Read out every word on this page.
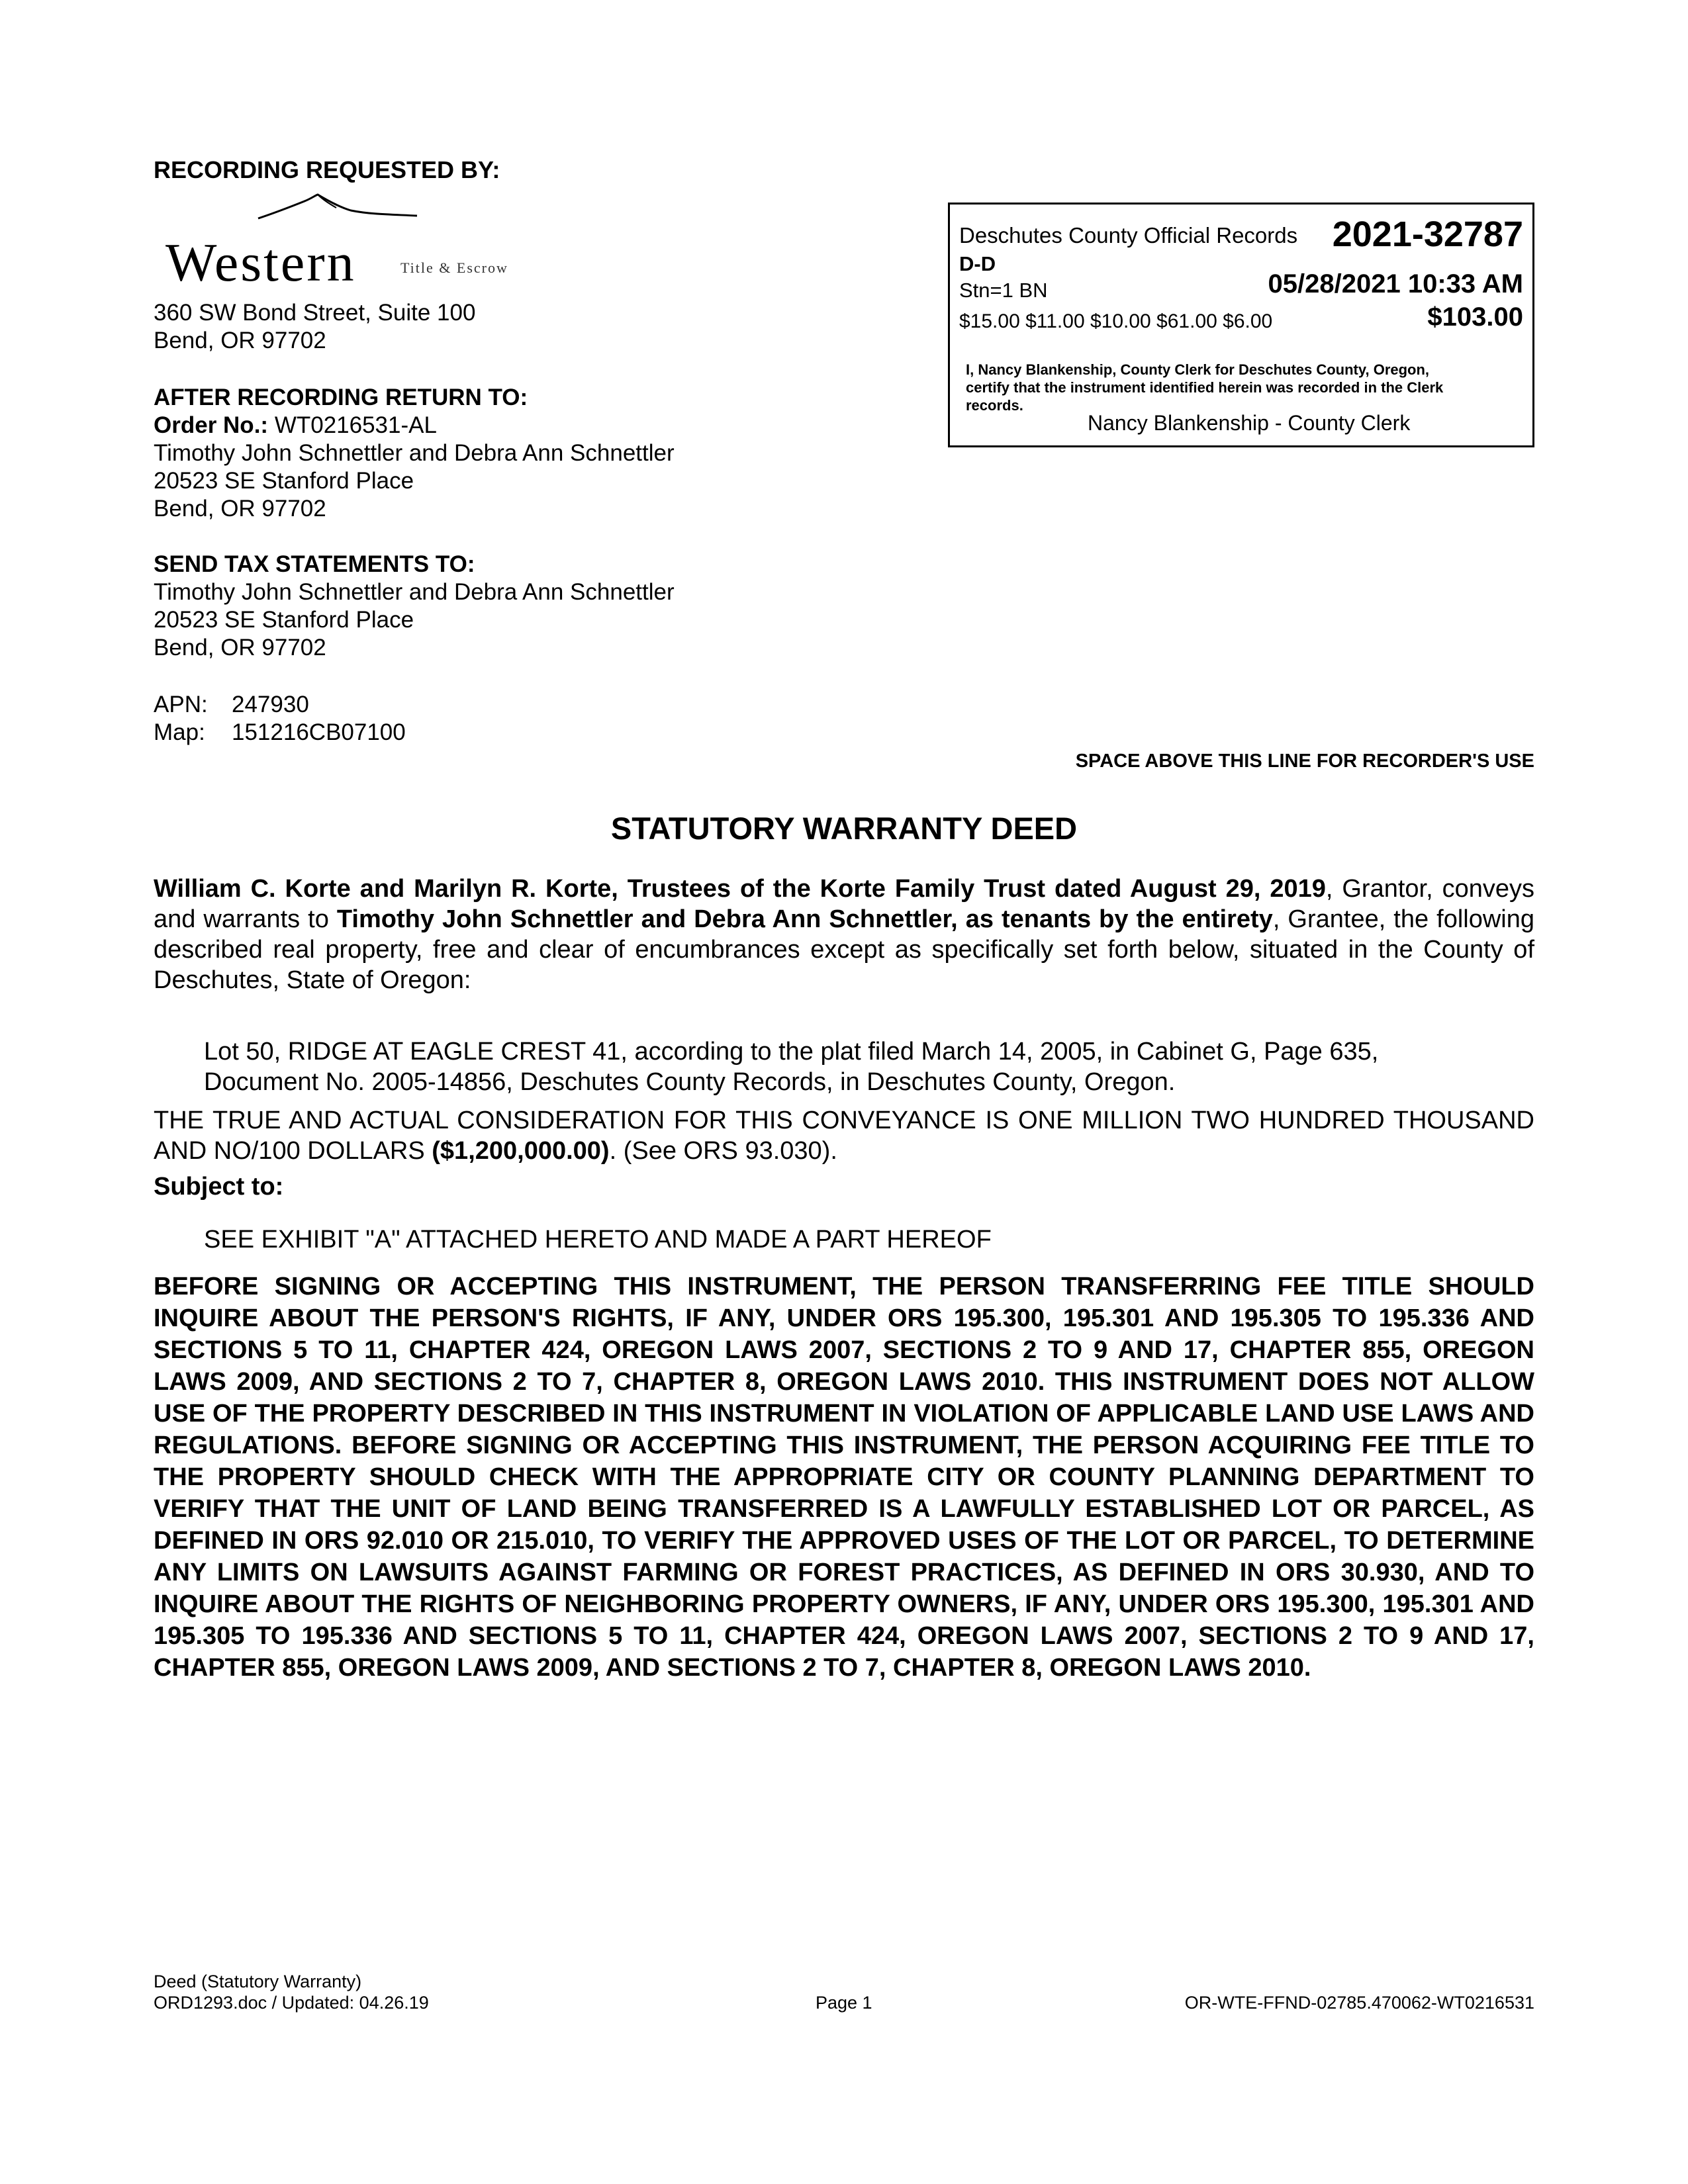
RECORDING REQUESTED BY:
Western	Title & Escrow
360 SW Bond Street, Suite 100
Bend, OR 97702
AFTER RECORDING RETURN TO:
Order No.: WT0216531-AL
Timothy John Schnettler and Debra Ann Schnettler
20523 SE Stanford Place
Bend, OR 97702
SEND TAX STATEMENTS TO:
Timothy John Schnettler and Debra Ann Schnettler
20523 SE Stanford Place
Bend, OR 97702
APN: 247930
Map: 151216CB07100
Deschutes County Official Records 2021-32787
D-D
Stn=1 BN	05/28/2021 10:33 AM
$15.00 $11.00 $10.00 $61.00 $6.00	$103.00
I, Nancy Blankenship, County Clerk for Deschutes County, Oregon,
certify that the instrument identified herein was recorded in the Clerk
records.
Nancy Blankenship - County Clerk
SPACE ABOVE THIS LINE FOR RECORDER'S USE
STATUTORY WARRANTY DEED
William C. Korte and Marilyn R. Korte, Trustees of the Korte Family Trust dated August 29, 2019, Grantor, conveys and warrants to Timothy John Schnettler and Debra Ann Schnettler, as tenants by the entirety, Grantee, the following described real property, free and clear of encumbrances except as specifically set forth below, situated in the County of Deschutes, State of Oregon:
Lot 50, RIDGE AT EAGLE CREST 41, according to the plat filed March 14, 2005, in Cabinet G, Page 635,
Document No. 2005-14856, Deschutes County Records, in Deschutes County, Oregon.
THE TRUE AND ACTUAL CONSIDERATION FOR THIS CONVEYANCE IS ONE MILLION TWO HUNDRED THOUSAND AND NO/100 DOLLARS ($1,200,000.00). (See ORS 93.030).
Subject to:
SEE EXHIBIT "A" ATTACHED HERETO AND MADE A PART HEREOF
BEFORE SIGNING OR ACCEPTING THIS INSTRUMENT, THE PERSON TRANSFERRING FEE TITLE SHOULD INQUIRE ABOUT THE PERSON'S RIGHTS, IF ANY, UNDER ORS 195.300, 195.301 AND 195.305 TO 195.336 AND SECTIONS 5 TO 11, CHAPTER 424, OREGON LAWS 2007, SECTIONS 2 TO 9 AND 17, CHAPTER 855, OREGON LAWS 2009, AND SECTIONS 2 TO 7, CHAPTER 8, OREGON LAWS 2010. THIS INSTRUMENT DOES NOT ALLOW USE OF THE PROPERTY DESCRIBED IN THIS INSTRUMENT IN VIOLATION OF APPLICABLE LAND USE LAWS AND REGULATIONS. BEFORE SIGNING OR ACCEPTING THIS INSTRUMENT, THE PERSON ACQUIRING FEE TITLE TO THE PROPERTY SHOULD CHECK WITH THE APPROPRIATE CITY OR COUNTY PLANNING DEPARTMENT TO VERIFY THAT THE UNIT OF LAND BEING TRANSFERRED IS A LAWFULLY ESTABLISHED LOT OR PARCEL, AS DEFINED IN ORS 92.010 OR 215.010, TO VERIFY THE APPROVED USES OF THE LOT OR PARCEL, TO DETERMINE ANY LIMITS ON LAWSUITS AGAINST FARMING OR FOREST PRACTICES, AS DEFINED IN ORS 30.930, AND TO INQUIRE ABOUT THE RIGHTS OF NEIGHBORING PROPERTY OWNERS, IF ANY, UNDER ORS 195.300, 195.301 AND 195.305 TO 195.336 AND SECTIONS 5 TO 11, CHAPTER 424, OREGON LAWS 2007, SECTIONS 2 TO 9 AND 17, CHAPTER 855, OREGON LAWS 2009, AND SECTIONS 2 TO 7, CHAPTER 8, OREGON LAWS 2010.
Deed (Statutory Warranty)
ORD1293.doc / Updated: 04.26.19	Page 1	OR-WTE-FFND-02785.470062-WT0216531
